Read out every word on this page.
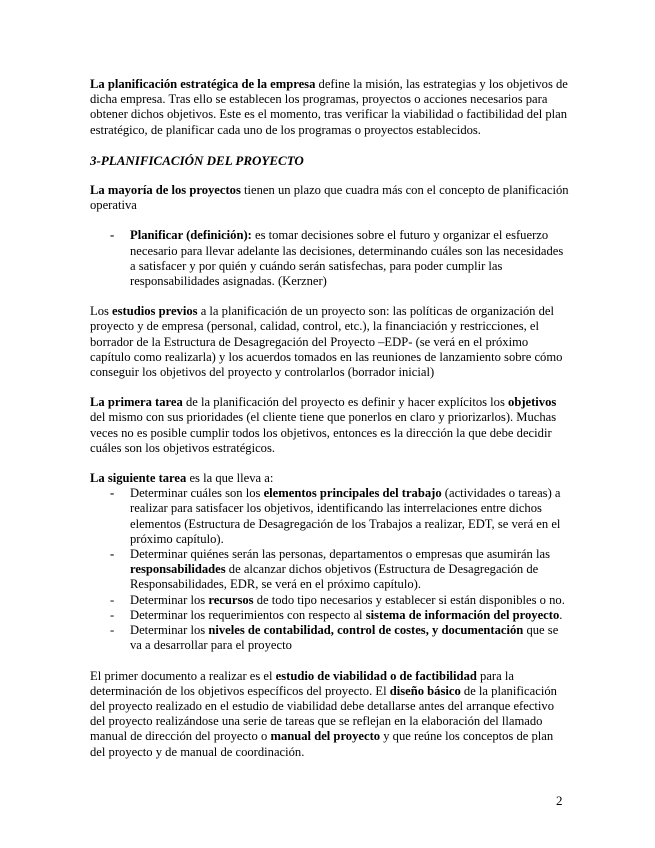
La planificación estratégica de la empresa define la misión, las estrategias y los objetivos de dicha empresa. Tras ello se establecen los programas, proyectos o acciones necesarios para obtener dichos objetivos. Este es el momento, tras verificar la viabilidad o factibilidad del plan estratégico, de planificar cada uno de los programas o proyectos establecidos.

3-PLANIFICACIÓN DEL PROYECTO

La mayoría de los proyectos tienen un plazo que cuadra más con el concepto de planificación operativa

-	Planificar (definición): es tomar decisiones sobre el futuro y organizar el esfuerzo necesario para llevar adelante las decisiones, determinando cuáles son las necesidades a satisfacer y por quién y cuándo serán satisfechas, para poder cumplir las responsabilidades asignadas. (Kerzner)

Los estudios previos a la planificación de un proyecto son: las políticas de organización del proyecto y de empresa (personal, calidad, control, etc.), la financiación y restricciones, el borrador de la Estructura de Desagregación del Proyecto –EDP- (se verá en el próximo capítulo como realizarla) y los acuerdos tomados en las reuniones de lanzamiento sobre cómo conseguir los objetivos del proyecto y controlarlos (borrador inicial)

La primera tarea de la planificación del proyecto es definir y hacer explícitos los objetivos del mismo con sus prioridades (el cliente tiene que ponerlos en claro y priorizarlos). Muchas veces no es posible cumplir todos los objetivos, entonces es la dirección la que debe decidir cuáles son los objetivos estratégicos.

La siguiente tarea es la que lleva a:

-	Determinar cuáles son los elementos principales del trabajo (actividades o tareas) a realizar para satisfacer los objetivos, identificando las interrelaciones entre dichos elementos (Estructura de Desagregación de los Trabajos a realizar, EDT, se verá en el próximo capítulo).
-	Determinar quiénes serán las personas, departamentos o empresas que asumirán las responsabilidades de alcanzar dichos objetivos (Estructura de Desagregación de Responsabilidades, EDR, se verá en el próximo capítulo).
-	Determinar los recursos de todo tipo necesarios y establecer si están disponibles o no.
-	Determinar los requerimientos con respecto al sistema de información del proyecto.
-	Determinar los niveles de contabilidad, control de costes, y documentación que se va a desarrollar para el proyecto

El primer documento a realizar es el estudio de viabilidad o de factibilidad para la determinación de los objetivos específicos del proyecto. El diseño básico de la planificación del proyecto realizado en el estudio de viabilidad debe detallarse antes del arranque efectivo del proyecto realizándose una serie de tareas que se reflejan en la elaboración del llamado manual de dirección del proyecto o manual del proyecto y que reúne los conceptos de plan del proyecto y de manual de coordinación.

2
